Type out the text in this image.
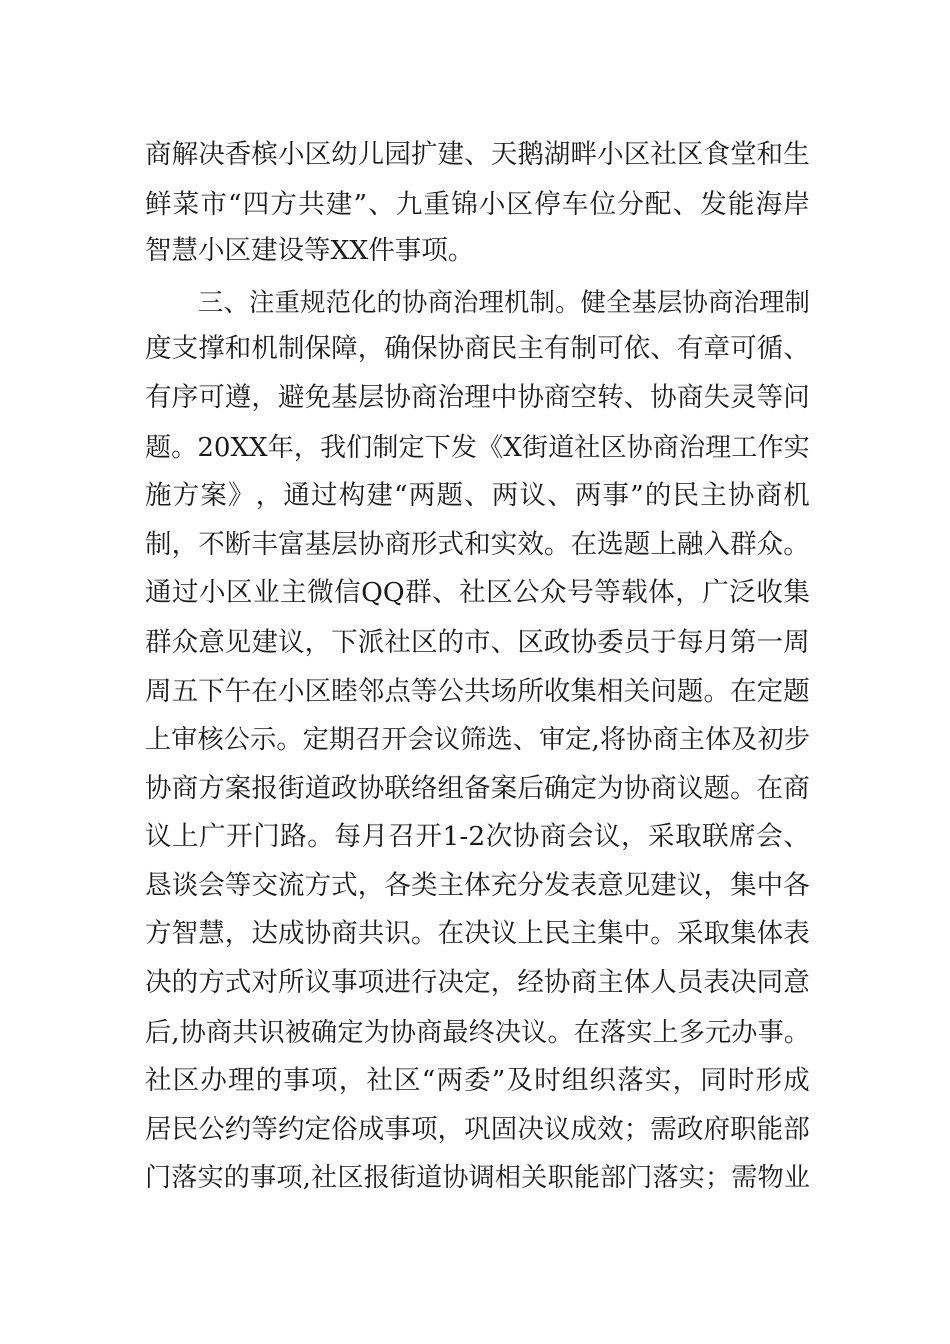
商 解 决 香 槟 小 区 幼 儿 园 扩 建 、 天 鹅 湖 畔 小 区 社 区 食 堂 和 生
鲜 菜 市 “ 四 方 共 建 ” 、 九 重 锦 小 区 停 车 位 分 配 、 发 能 海 岸
智慧小区建设等XX件事项。
三 、 注 重 规 范 化 的 协 商 治 理 机 制 。 健 全 基 层 协 商 治 理 制
度 支 撑 和 机 制 保 障 ， 确 保 协 商 民 主 有 制 可 依 、 有 章 可 循 、
有 序 可 遵 ， 避 免 基 层 协 商 治 理 中 协 商 空 转 、 协 商 失 灵 等 问
题 。 20XX 年 ， 我 们 制 定 下 发 《 X 街 道 社 区 协 商 治 理 工 作 实
施 方 案 》 ， 通 过 构 建 “ 两 题 、 两 议 、 两 事 ” 的 民 主 协 商 机
制 ， 不 断 丰 富 基 层 协 商 形 式 和 实 效 。 在 选 题 上 融 入 群 众 。
通 过 小 区 业 主 微 信 QQ 群 、 社 区 公 众 号 等 载 体 ， 广 泛 收 集
群 众 意 见 建 议 ， 下 派 社 区 的 市 、 区 政 协 委 员 于 每 月 第 一 周
周 五 下 午 在 小 区 睦 邻 点 等 公 共 场 所 收 集 相 关 问 题 。 在 定 题
上 审 核 公 示 。 定 期 召 开 会 议 筛 选 、 审 定 , 将 协 商 主 体 及 初 步
协 商 方 案 报 街 道 政 协 联 络 组 备 案 后 确 定 为 协 商 议 题 。 在 商
议 上 广 开 门 路 。 每 月 召 开 1-2 次 协 商 会 议 ， 采 取 联 席 会 、
恳 谈 会 等 交 流 方 式 ， 各 类 主 体 充 分 发 表 意 见 建 议 ， 集 中 各
方 智 慧 ， 达 成 协 商 共 识 。 在 决 议 上 民 主 集 中 。 采 取 集 体 表
决 的 方 式 对 所 议 事 项 进 行 决 定 ， 经 协 商 主 体 人 员 表 决 同 意
后 , 协 商 共 识 被 确 定 为 协 商 最 终 决 议 。 在 落 实 上 多 元 办 事 。
社 区 办 理 的 事 项 ， 社 区 “ 两 委 ” 及 时 组 织 落 实 ， 同 时 形 成
居 民 公 约 等 约 定 俗 成 事 项 ， 巩 固 决 议 成 效 ； 需 政 府 职 能 部
门 落 实 的 事 项 , 社 区 报 街 道 协 调 相 关 职 能 部 门 落 实 ； 需 物 业
